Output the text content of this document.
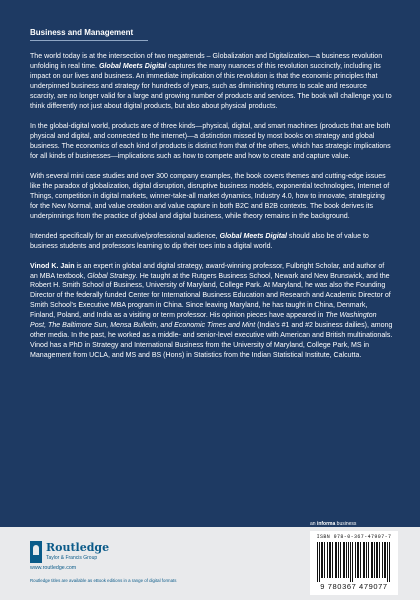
Business and Management

The world today is at the intersection of two megatrends – Globalization and Digitalization—a business revolution unfolding in real time. Global Meets Digital captures the many nuances of this revolution succinctly, including its impact on our lives and business. An immediate implication of this revolution is that the economic principles that underpinned business and strategy for hundreds of years, such as diminishing returns to scale and resource scarcity, are no longer valid for a large and growing number of products and services. The book will challenge you to think differently not just about digital products, but also about physical products.

In the global-digital world, products are of three kinds—physical, digital, and smart machines (products that are both physical and digital, and connected to the internet)—a distinction missed by most books on strategy and global business. The economics of each kind of products is distinct from that of the others, which has strategic implications for all kinds of businesses—implications such as how to compete and how to create and capture value.

With several mini case studies and over 300 company examples, the book covers themes and cutting-edge issues like the paradox of globalization, digital disruption, disruptive business models, exponential technologies, Internet of Things, competition in digital markets, winner-take-all market dynamics, Industry 4.0, how to innovate, strategizing for the New Normal, and value creation and value capture in both B2C and B2B contexts. The book derives its underpinnings from the practice of global and digital business, while theory remains in the background.

Intended specifically for an executive/professional audience, Global Meets Digital should also be of value to business students and professors learning to dip their toes into a digital world.

Vinod K. Jain is an expert in global and digital strategy, award-winning professor, Fulbright Scholar, and author of an MBA textbook, Global Strategy. He taught at the Rutgers Business School, Newark and New Brunswick, and the Robert H. Smith School of Business, University of Maryland, College Park. At Maryland, he was also the Founding Director of the federally funded Center for International Business Education and Research and Academic Director of Smith School's Executive MBA program in China. Since leaving Maryland, he has taught in China, Denmark, Finland, Poland, and India as a visiting or term professor. His opinion pieces have appeared in The Washington Post, The Baltimore Sun, Mensa Bulletin, and Economic Times and Mint (India's #1 and #2 business dailies), among other media. In the past, he worked as a middle- and senior-level executive with American and British multinationals. Vinod has a PhD in Strategy and International Business from the University of Maryland, College Park, MS in Management from UCLA, and MS and BS (Hons) in Statistics from the Indian Statistical Institute, Calcutta.

an informa business
Routledge
Taylor & Francis Group
www.routledge.com
Routledge titles are available as eBook editions in a range of digital formats
ISBN 978-0-367-47907-7
9 780367 479077
